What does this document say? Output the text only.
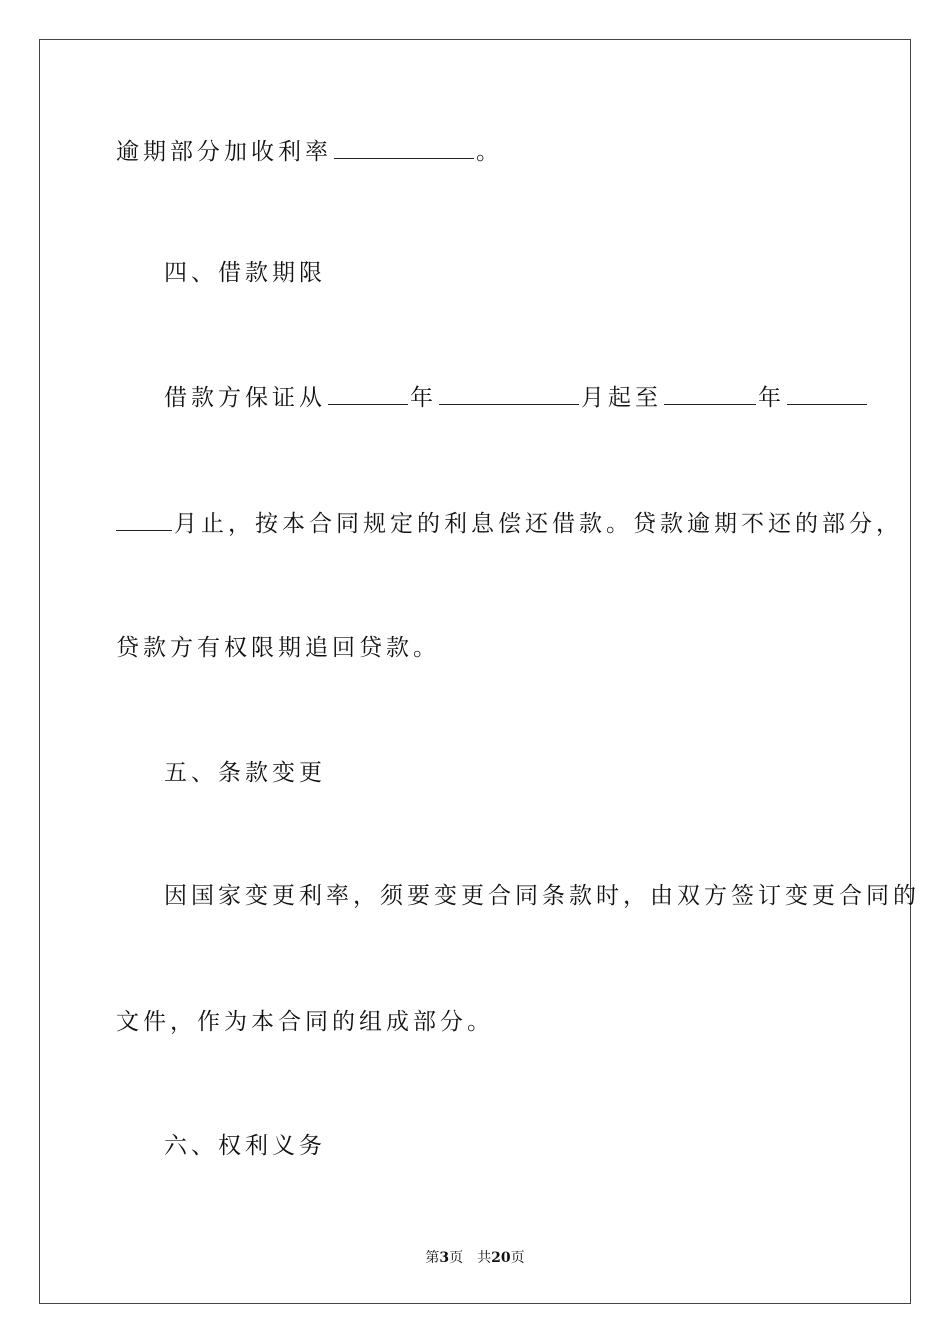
逾期部分加收利率	。
四、借款期限
借款方保证从	年	月起至	年
月止，按本合同规定的利息偿还借款。贷款逾期不还的部分，
贷款方有权限期追回贷款。
五、条款变更
因国家变更利率，须要变更合同条款时，由双方签订变更合同的
文件，作为本合同的组成部分。
六、权利义务
第3页 共20页
